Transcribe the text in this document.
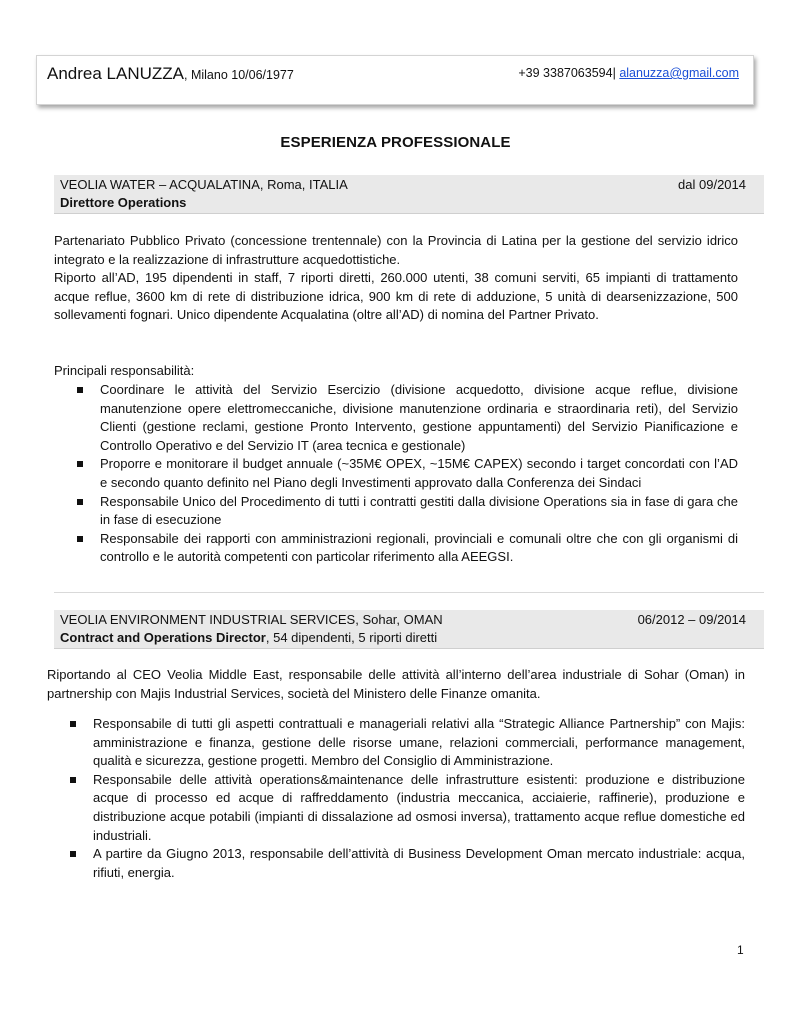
Andrea LANUZZA, Milano 10/06/1977	+39 3387063594| alanuzza@gmail.com
ESPERIENZA PROFESSIONALE
VEOLIA WATER – ACQUALATINA, Roma, ITALIA	dal 09/2014
Direttore Operations

Partenariato Pubblico Privato (concessione trentennale) con la Provincia di Latina per la gestione del servizio idrico integrato e la realizzazione di infrastrutture acquedottistiche.

Riporto all’AD, 195 dipendenti in staff, 7 riporti diretti, 260.000 utenti, 38 comuni serviti, 65 impianti di trattamento acque reflue, 3600 km di rete di distribuzione idrica, 900 km di rete di adduzione, 5 unità di dearsenizzazione, 500 sollevamenti fognari. Unico dipendente Acqualatina (oltre all’AD) di nomina del Partner Privato.

Principali responsabilità:

Coordinare le attività del Servizio Esercizio (divisione acquedotto, divisione acque reflue, divisione manutenzione opere elettromeccaniche, divisione manutenzione ordinaria e straordinaria reti), del Servizio Clienti (gestione reclami, gestione Pronto Intervento, gestione appuntamenti) del Servizio Pianificazione e Controllo Operativo e del Servizio IT (area tecnica e gestionale)
Proporre e monitorare il budget annuale (~35M€ OPEX, ~15M€ CAPEX) secondo i target concordati con l’AD e secondo quanto definito nel Piano degli Investimenti approvato dalla Conferenza dei Sindaci
Responsabile Unico del Procedimento di tutti i contratti gestiti dalla divisione Operations sia in fase di gara che in fase di esecuzione
Responsabile dei rapporti con amministrazioni regionali, provinciali e comunali oltre che con gli organismi di controllo e le autorità competenti con particolar riferimento alla AEEGSI.
VEOLIA ENVIRONMENT INDUSTRIAL SERVICES, Sohar, OMAN	06/2012 – 09/2014
Contract and Operations Director, 54 dipendenti, 5 riporti diretti

Riportando al CEO Veolia Middle East, responsabile delle attività all’interno dell’area industriale di Sohar (Oman) in partnership con Majis Industrial Services, società del Ministero delle Finanze omanita.

Responsabile di tutti gli aspetti contrattuali e manageriali relativi alla “Strategic Alliance Partnership” con Majis: amministrazione e finanza, gestione delle risorse umane, relazioni commerciali, performance management, qualità e sicurezza, gestione progetti. Membro del Consiglio di Amministrazione.
Responsabile delle attività operations&maintenance delle infrastrutture esistenti: produzione e distribuzione acque di processo ed acque di raffreddamento (industria meccanica, acciaierie, raffinerie), produzione e distribuzione acque potabili (impianti di dissalazione ad osmosi inversa), trattamento acque reflue domestiche ed industriali.
A partire da Giugno 2013, responsabile dell’attività di Business Development Oman mercato industriale: acqua, rifiuti, energia.
1
